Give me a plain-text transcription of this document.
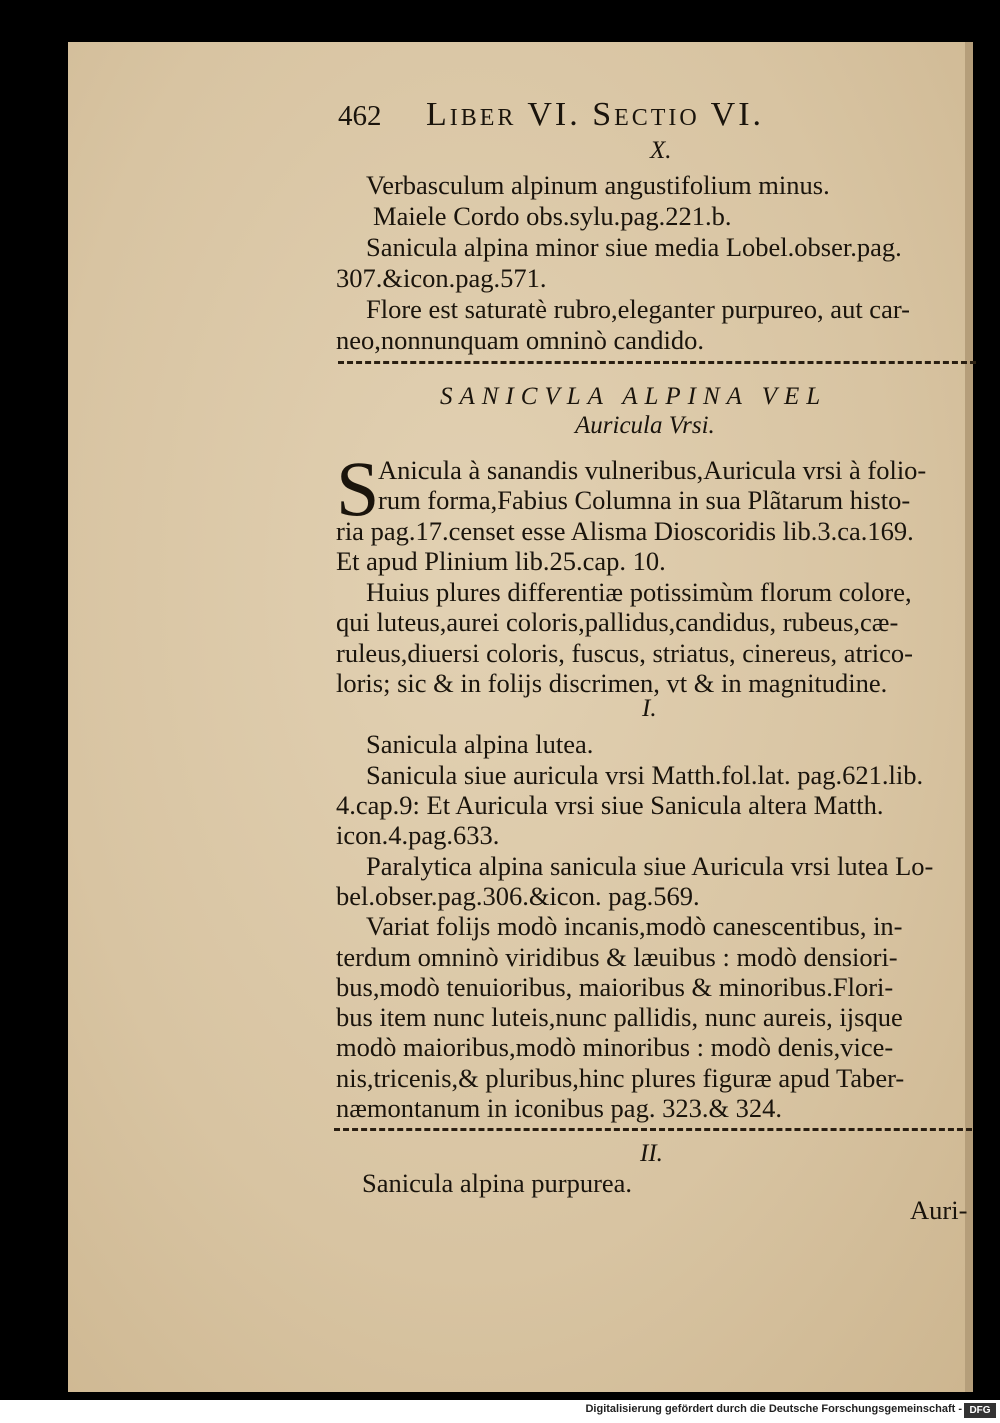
462 Liber VI. Sectio VI.
X.
Verbasculum alpinum angustifolium minus.
Maiele Cordo obs.sylu.pag.221.b.
Sanicula alpina minor siue media Lobel.obser.pag.
307.&icon.pag.571.
Flore est saturatè rubro,eleganter purpureo, aut car-
neo,nonnunquam omninò candido.
SANICVLA ALPINA VEL
Auricula Vrsi.
S
Anicula à sanandis vulneribus,Auricula vrsi à folio-
rum forma,Fabius Columna in sua Plãtarum histo-
ria pag.17.censet esse Alisma Dioscoridis lib.3.ca.169.
Et apud Plinium lib.25.cap. 10.
Huius plures differentiæ potissimùm florum colore,
qui luteus,aurei coloris,pallidus,candidus, rubeus,cæ-
ruleus,diuersi coloris, fuscus, striatus, cinereus, atrico-
loris; sic & in folijs discrimen, vt & in magnitudine.
I.
Sanicula alpina lutea.
Sanicula siue auricula vrsi Matth.fol.lat. pag.621.lib.
4.cap.9: Et Auricula vrsi siue Sanicula altera Matth.
icon.4.pag.633.
Paralytica alpina sanicula siue Auricula vrsi lutea Lo-
bel.obser.pag.306.&icon. pag.569.
Variat folijs modò incanis,modò canescentibus, in-
terdum omninò viridibus & læuibus : modò densiori-
bus,modò tenuioribus, maioribus & minoribus.Flori-
bus item nunc luteis,nunc pallidis, nunc aureis, ijsque
modò maioribus,modò minoribus : modò denis,vice-
nis,tricenis,& pluribus,hinc plures figuræ apud Taber-
næmontanum in iconibus pag. 323.& 324.
II.
Sanicula alpina purpurea.
Auri-
Digitalisierung gefördert durch die Deutsche Forschungsgemeinschaft - DFG
